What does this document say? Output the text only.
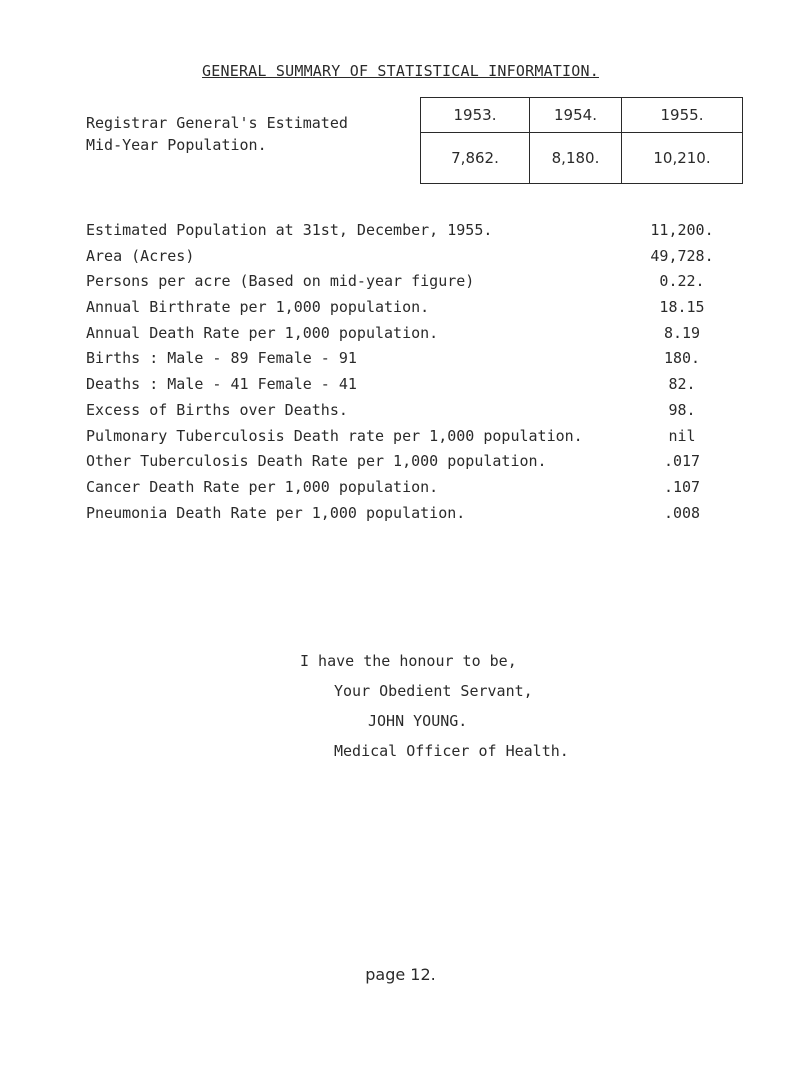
GENERAL SUMMARY OF STATISTICAL INFORMATION.
Registrar General's Estimated
Mid-Year Population.
1953.	1954.	1955.
7,862.	8,180.	10,210.
Estimated Population at 31st, December, 1955.	11,200.
Area (Acres)	49,728.
Persons per acre (Based on mid-year figure)	0.22.
Annual Birthrate per 1,000 population.	18.15
Annual Death Rate per 1,000 population.	8.19
Births : Male - 89 Female - 91	180.
Deaths : Male - 41 Female - 41	82.
Excess of Births over Deaths.	98.
Pulmonary Tuberculosis Death rate per 1,000 population.	nil
Other Tuberculosis Death Rate per 1,000 population.	.017
Cancer Death Rate per 1,000 population.	.107
Pneumonia Death Rate per 1,000 population.	.008
I have the honour to be,
Your Obedient Servant,
JOHN YOUNG.
Medical Officer of Health.
page 12.
